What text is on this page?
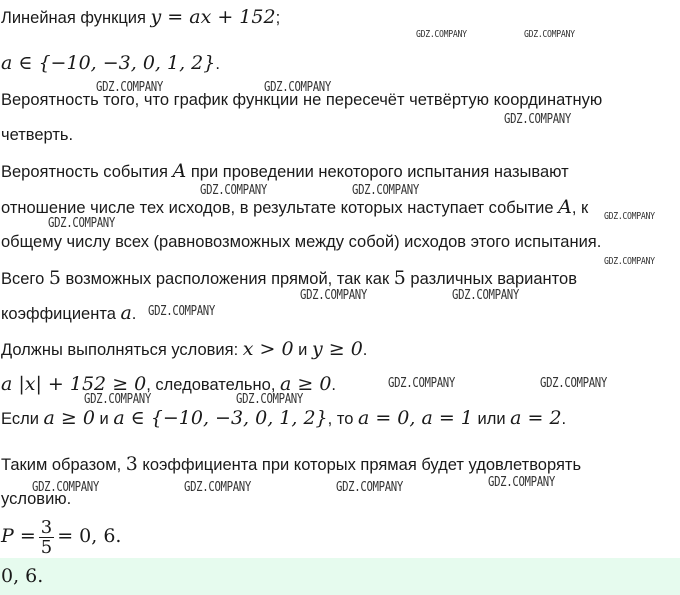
Линейная функция y = ax + 152;
a ∈ {−10, −3, 0, 1, 2}.
Вероятность того, что график функции не пересечёт четвёртую координатную
четверть.
Вероятность события A при проведении некоторого испытания называют
отношение числе тех исходов, в результате которых наступает событие A, к
общему числу всех (равновозможных между собой) исходов этого испытания.
Всего 5 возможных расположения прямой, так как 5 различных вариантов
коэффициента a.
Должны выполняться условия: x > 0 и y ≥ 0.
a |x| + 152 ≥ 0, следовательно, a ≥ 0.
Если a ≥ 0 и a ∈ {−10, −3, 0, 1, 2}, то a = 0, a = 1 или a = 2.
Таким образом, 3 коэффициента при которых прямая будет удовлетворять
условию.
$P = \frac{3}{5} = 0$, 6.
0, 6.
GDZ.COMPANY	GDZ.COMPANY
GDZ.COMPANY	GDZ.COMPANY
GDZ.COMPANY
GDZ.COMPANY	GDZ.COMPANY
GDZ.COMPANY
GDZ.COMPANY
GDZ.COMPANY
GDZ.COMPANY	GDZ.COMPANY
GDZ.COMPANY
GDZ.COMPANY	GDZ.COMPANY
GDZ.COMPANY	GDZ.COMPANY
GDZ.COMPANY	GDZ.COMPANY	GDZ.COMPANY	GDZ.COMPANY
